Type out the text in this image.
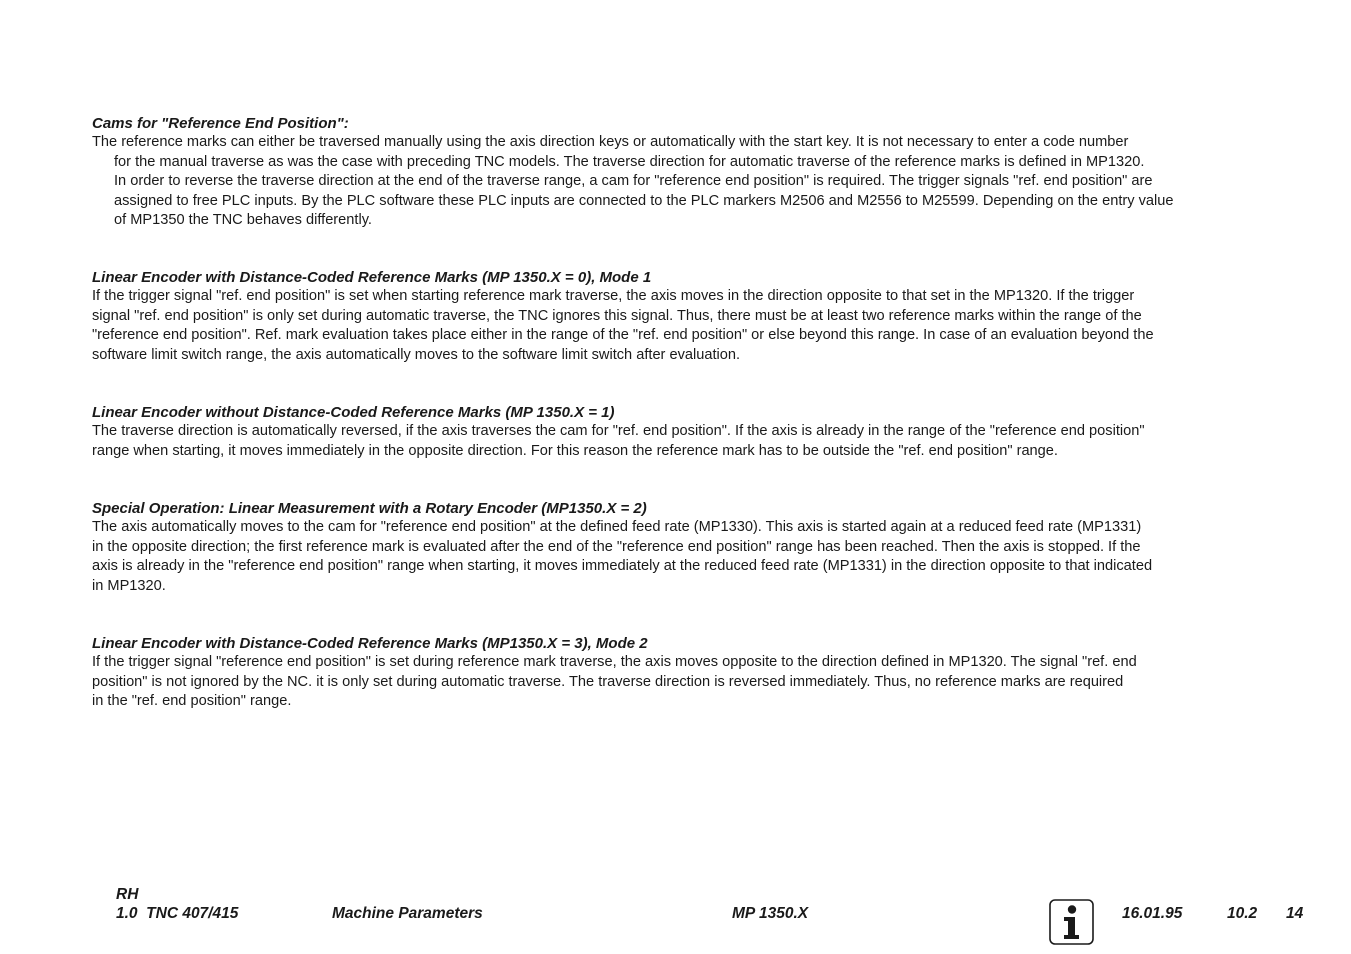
Cams for "Reference End Position":

The reference marks can either be traversed manually using the axis direction keys or automatically with the start key. It is not necessary to enter a code number
for the manual traverse as was the case with preceding TNC models. The traverse direction for automatic traverse of the reference marks is defined in MP1320.
In order to reverse the traverse direction at the end of the traverse range, a cam for "reference end position" is required. The trigger signals "ref. end position" are
assigned to free PLC inputs. By the PLC software these PLC inputs are connected to the PLC markers M2506 and M2556 to M25599. Depending on the entry value
of MP1350 the TNC behaves differently.

Linear Encoder with Distance-Coded Reference Marks (MP 1350.X = 0), Mode 1

If the trigger signal "ref. end position" is set when starting reference mark traverse, the axis moves in the direction opposite to that set in the MP1320. If the trigger
signal "ref. end position" is only set during automatic traverse, the TNC ignores this signal. Thus, there must be at least two reference marks within the range of the
"reference end position". Ref. mark evaluation takes place either in the range of the "ref. end position" or else beyond this range. In case of an evaluation beyond the
software limit switch range, the axis automatically moves to the software limit switch after evaluation.

Linear Encoder without Distance-Coded Reference Marks (MP 1350.X = 1)

The traverse direction is automatically reversed, if the axis traverses the cam for "ref. end position". If the axis is already in the range of the "reference end position"
range when starting, it moves immediately in the opposite direction. For this reason the reference mark has to be outside the "ref. end position" range.

Special Operation: Linear Measurement with a Rotary Encoder (MP1350.X = 2)

The axis automatically moves to the cam for "reference end position" at the defined feed rate (MP1330). This axis is started again at a reduced feed rate (MP1331)
in the opposite direction; the first reference mark is evaluated after the end of the "reference end position" range has been reached. Then the axis is stopped. If the
axis is already in the "reference end position" range when starting, it moves immediately at the reduced feed rate (MP1331) in the direction opposite to that indicated
in MP1320.

Linear Encoder with Distance-Coded Reference Marks (MP1350.X = 3), Mode 2

If the trigger signal "reference end position" is set during reference mark traverse, the axis moves opposite to the direction defined in MP1320. The signal "ref. end
position" is not ignored by the NC. it is only set during automatic traverse. The traverse direction is reversed immediately. Thus, no reference marks are required
in the "ref. end position" range.

RH
1.0  TNC 407/415	Machine Parameters	MP 1350.X	16.01.95	10.2 14
